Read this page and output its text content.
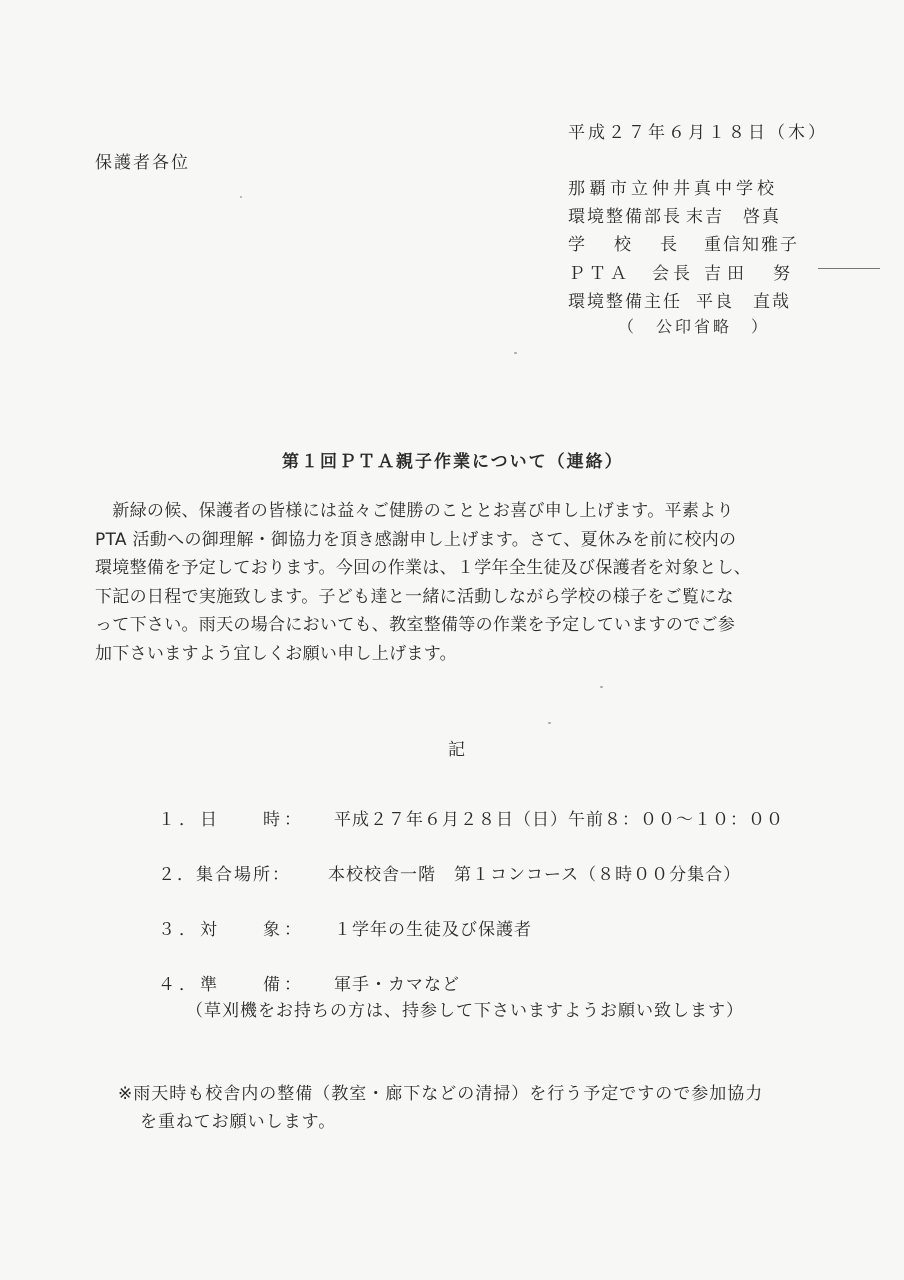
平成２７年６月１８日（木）
保護者各位
那覇市立仲井真中学校
環境整備部長 末吉　啓真
学　校　長 重信知雅子
ＰＴＡ　会長 吉田　努
環境整備主任 平良　直哉
（　公印省略　）
第１回ＰＴＡ親子作業について（連絡）
　新緑の候、保護者の皆様には益々ご健勝のこととお喜び申し上げます。平素より
PTA 活動への御理解・御協力を頂き感謝申し上げます。さて、夏休みを前に校内の
環境整備を予定しております。今回の作業は、１学年全生徒及び保護者を対象とし、
下記の日程で実施致します。子ども達と一緒に活動しながら学校の様子をご覧にな
って下さい。雨天の場合においても、教室整備等の作業を予定していますのでご参
加下さいますよう宜しくお願い申し上げます。
記
１．日　　時： 平成２７年６月２８日（日）午前８：００～１０：００
２．集合場所： 本校校舎一階　第１コンコース（８時００分集合）
３．対　　象： １学年の生徒及び保護者
４．準　　備： 軍手・カマなど
（草刈機をお持ちの方は、持参して下さいますようお願い致します）
※雨天時も校舎内の整備（教室・廊下などの清掃）を行う予定ですので参加協力
を重ねてお願いします。
